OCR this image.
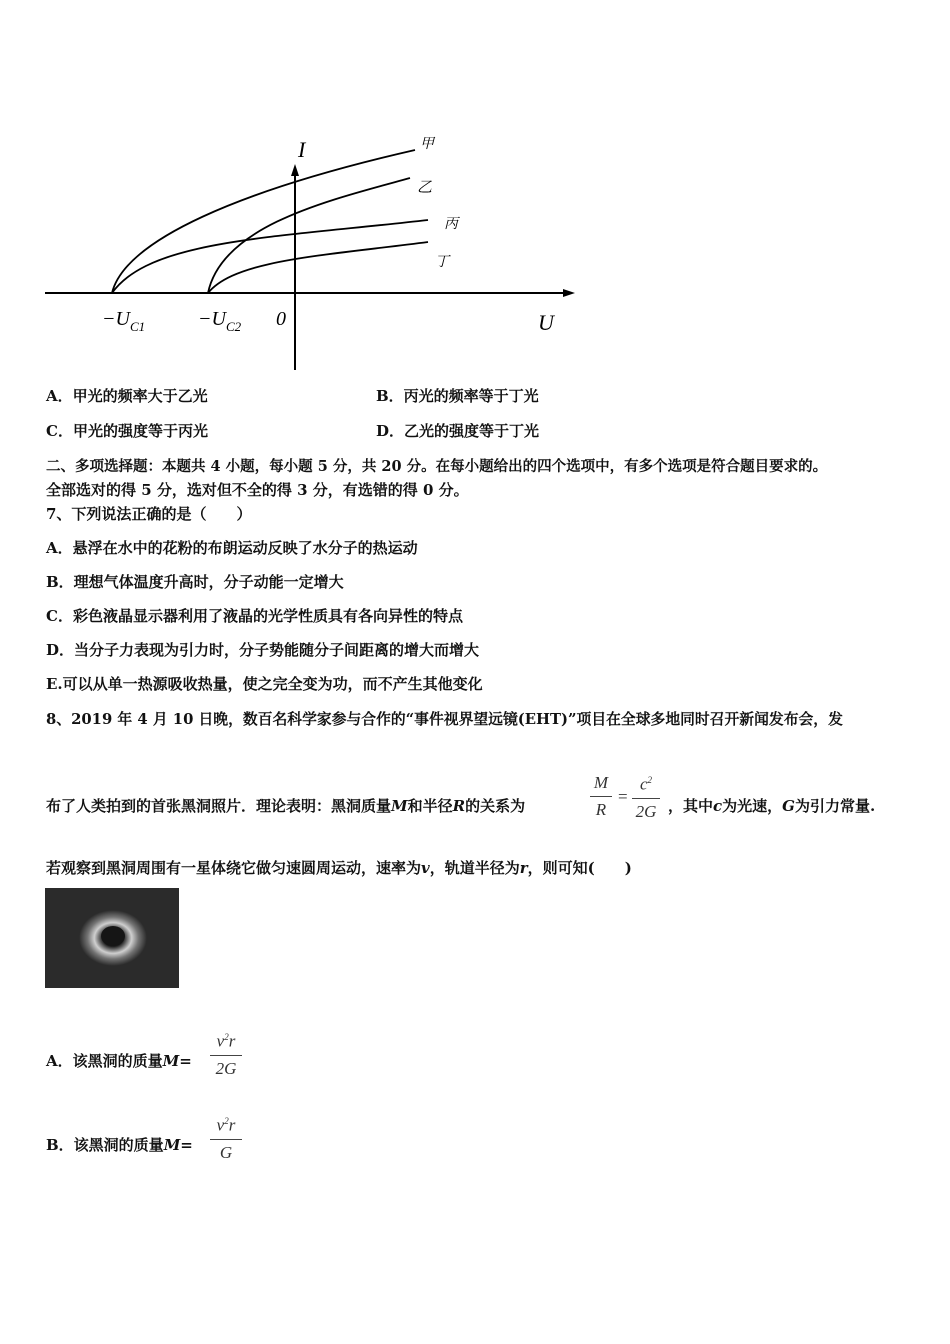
I
U
0
$-U_{C1}$	$-U_{C2}$
甲
乙
丙
丁
A．甲光的频率大于乙光	B．丙光的频率等于丁光
C．甲光的强度等于丙光	D．乙光的强度等于丁光
二、多项选择题：本题共 4 小题，每小题 5 分，共 20 分。在每小题给出的四个选项中，有多个选项是符合题目要求的。
全部选对的得 5 分，选对但不全的得 3 分，有选错的得 0 分。
7、下列说法正确的是（　　）
A．悬浮在水中的花粉的布朗运动反映了水分子的热运动
B．理想气体温度升高时，分子动能一定增大
C．彩色液晶显示器利用了液晶的光学性质具有各向异性的特点
D．当分子力表现为引力时，分子势能随分子间距离的增大而增大
E.可以从单一热源吸收热量，使之完全变为功，而不产生其他变化
8、2019 年 4 月 10 日晚，数百名科学家参与合作的“事件视界望远镜(EHT)”项目在全球多地同时召开新闻发布会，发
布了人类拍到的首张黑洞照片．理论表明：黑洞质量M和半径R的关系为
M
R
=
$c^2$
2G ，其中c为光速，G为引力常量.
若观察到黑洞周围有一星体绕它做匀速圆周运动，速率为v，轨道半径为r，则可知(　　)
A．该黑洞的质量M=
$v^2r$
2G
B．该黑洞的质量M=
$v^2r$
G
